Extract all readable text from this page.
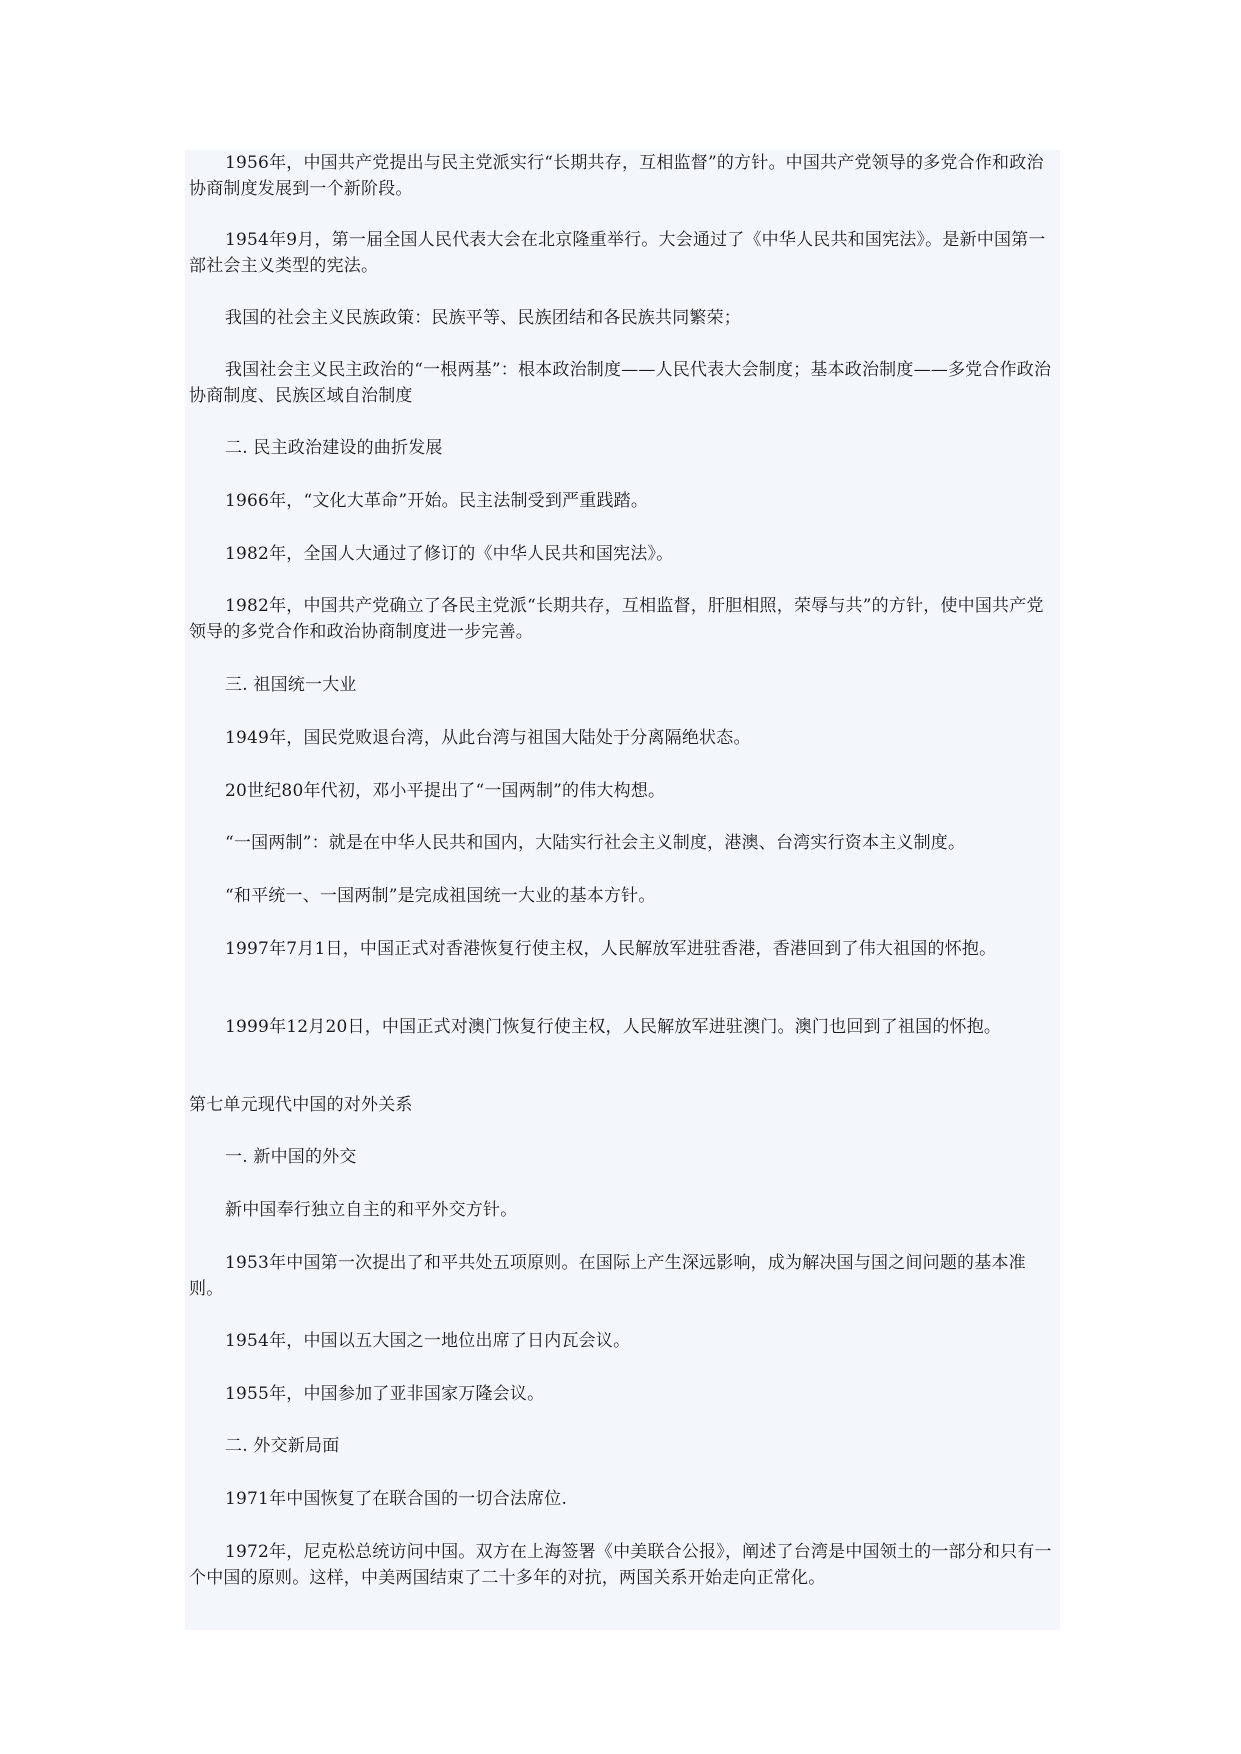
1956年，中国共产党提出与民主党派实行“长期共存，互相监督”的方针。中国共产党领导的多党合作和政治协商制度发展到一个新阶段。

1954年9月，第一届全国人民代表大会在北京隆重举行。大会通过了《中华人民共和国宪法》。是新中国第一部社会主义类型的宪法。

我国的社会主义民族政策：民族平等、民族团结和各民族共同繁荣；

我国社会主义民主政治的“一根两基”：根本政治制度——人民代表大会制度；基本政治制度——多党合作政治协商制度、民族区域自治制度

二. 民主政治建设的曲折发展

1966年，“文化大革命”开始。民主法制受到严重践踏。

1982年，全国人大通过了修订的《中华人民共和国宪法》。

1982年，中国共产党确立了各民主党派“长期共存，互相监督，肝胆相照，荣辱与共”的方针，使中国共产党领导的多党合作和政治协商制度进一步完善。

三. 祖国统一大业

1949年，国民党败退台湾，从此台湾与祖国大陆处于分离隔绝状态。

20世纪80年代初，邓小平提出了“一国两制”的伟大构想。

“一国两制”：就是在中华人民共和国内，大陆实行社会主义制度，港澳、台湾实行资本主义制度。

“和平统一、一国两制”是完成祖国统一大业的基本方针。

1997年7月1日，中国正式对香港恢复行使主权，人民解放军进驻香港，香港回到了伟大祖国的怀抱。

1999年12月20日，中国正式对澳门恢复行使主权，人民解放军进驻澳门。澳门也回到了祖国的怀抱。

第七单元现代中国的对外关系

一. 新中国的外交

新中国奉行独立自主的和平外交方针。

1953年中国第一次提出了和平共处五项原则。在国际上产生深远影响，成为解决国与国之间问题的基本准则。

1954年，中国以五大国之一地位出席了日内瓦会议。

1955年，中国参加了亚非国家万隆会议。

二. 外交新局面

1971年中国恢复了在联合国的一切合法席位.

1972年，尼克松总统访问中国。双方在上海签署《中美联合公报》，阐述了台湾是中国领土的一部分和只有一个中国的原则。这样，中美两国结束了二十多年的对抗，两国关系开始走向正常化。
